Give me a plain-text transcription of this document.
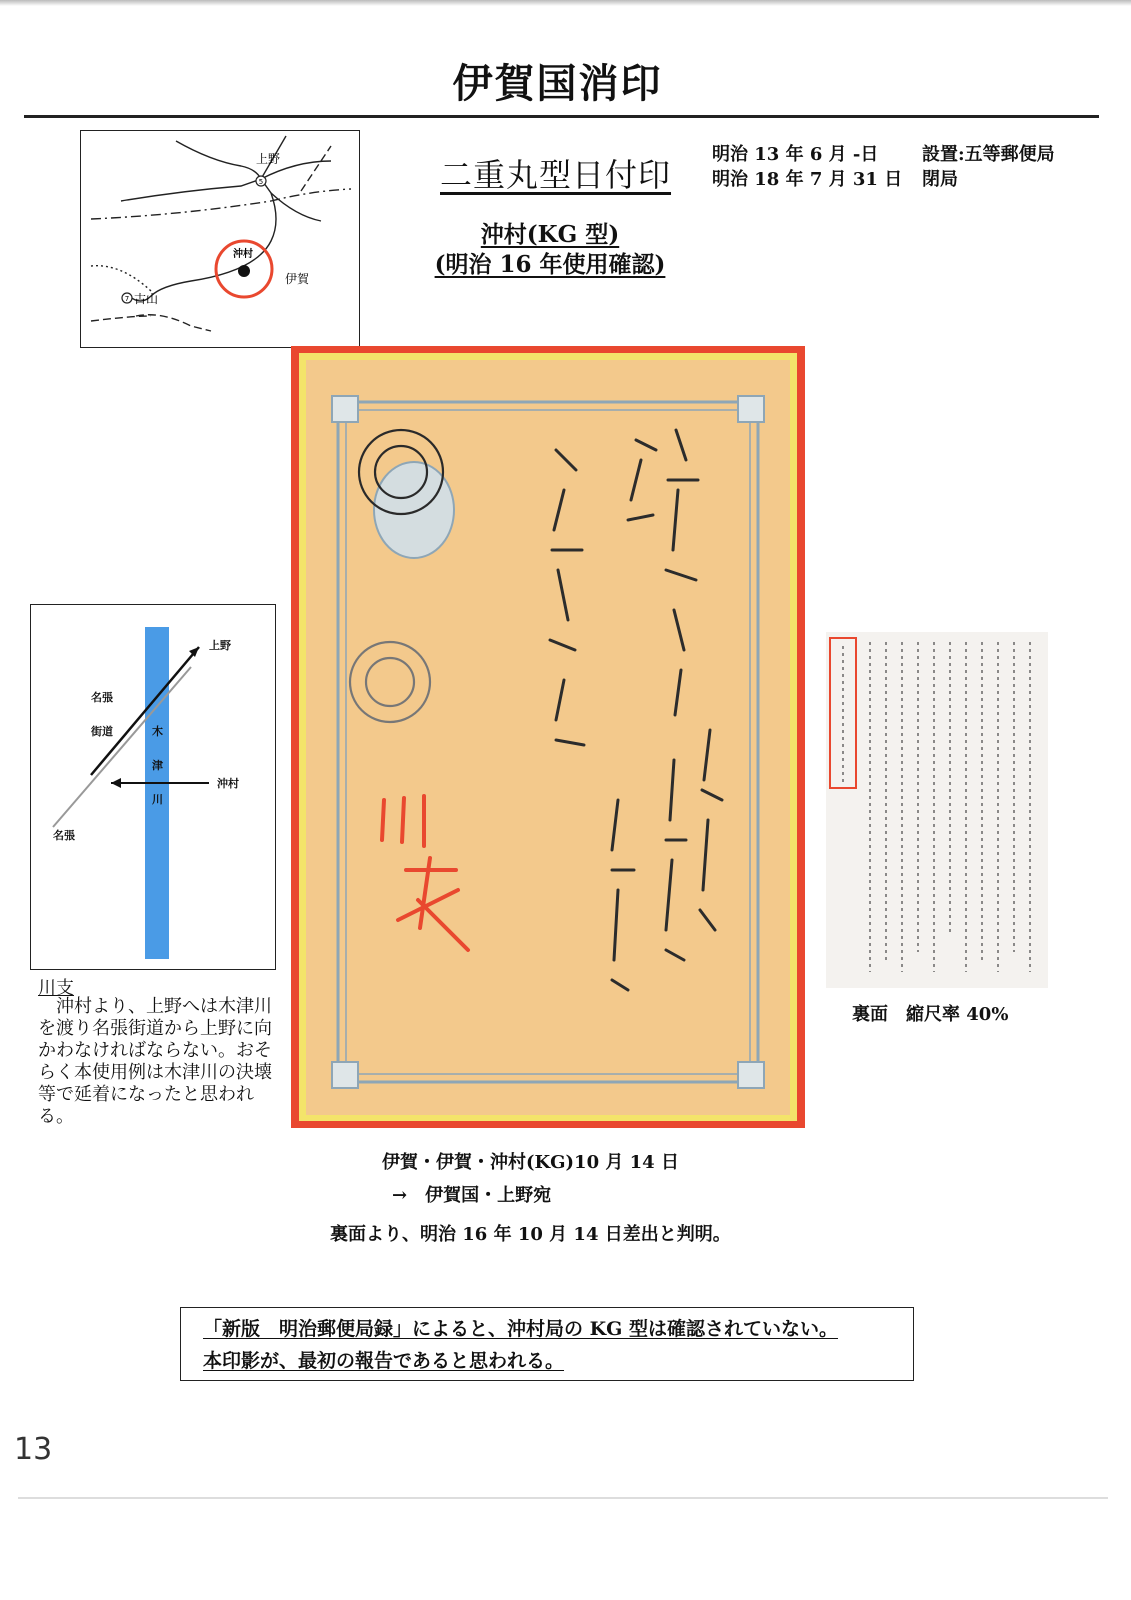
伊賀国消印
5
上野
沖村
伊賀
7 古山
二重丸型日付印
明治 13 年 6 月 -日 設置:五等郵便局
明治 18 年 7 月 31 日 閉局
沖村(KG 型)
(明治 16 年使用確認)
上野
名張
街道	木
津
川
沖村
名張
川支
沖村より、上野へは木津川を渡り名張街道から上野に向かわなければならない。おそらく本使用例は木津川の決壊等で延着になったと思われる。
裏面　縮尺率 40%
伊賀・伊賀・沖村(KG)10 月 14 日
→　伊賀国・上野宛
裏面より、明治 16 年 10 月 14 日差出と判明。
「新版　明治郵便局録」によると、沖村局の KG 型は確認されていない。
本印影が、最初の報告であると思われる。
13
